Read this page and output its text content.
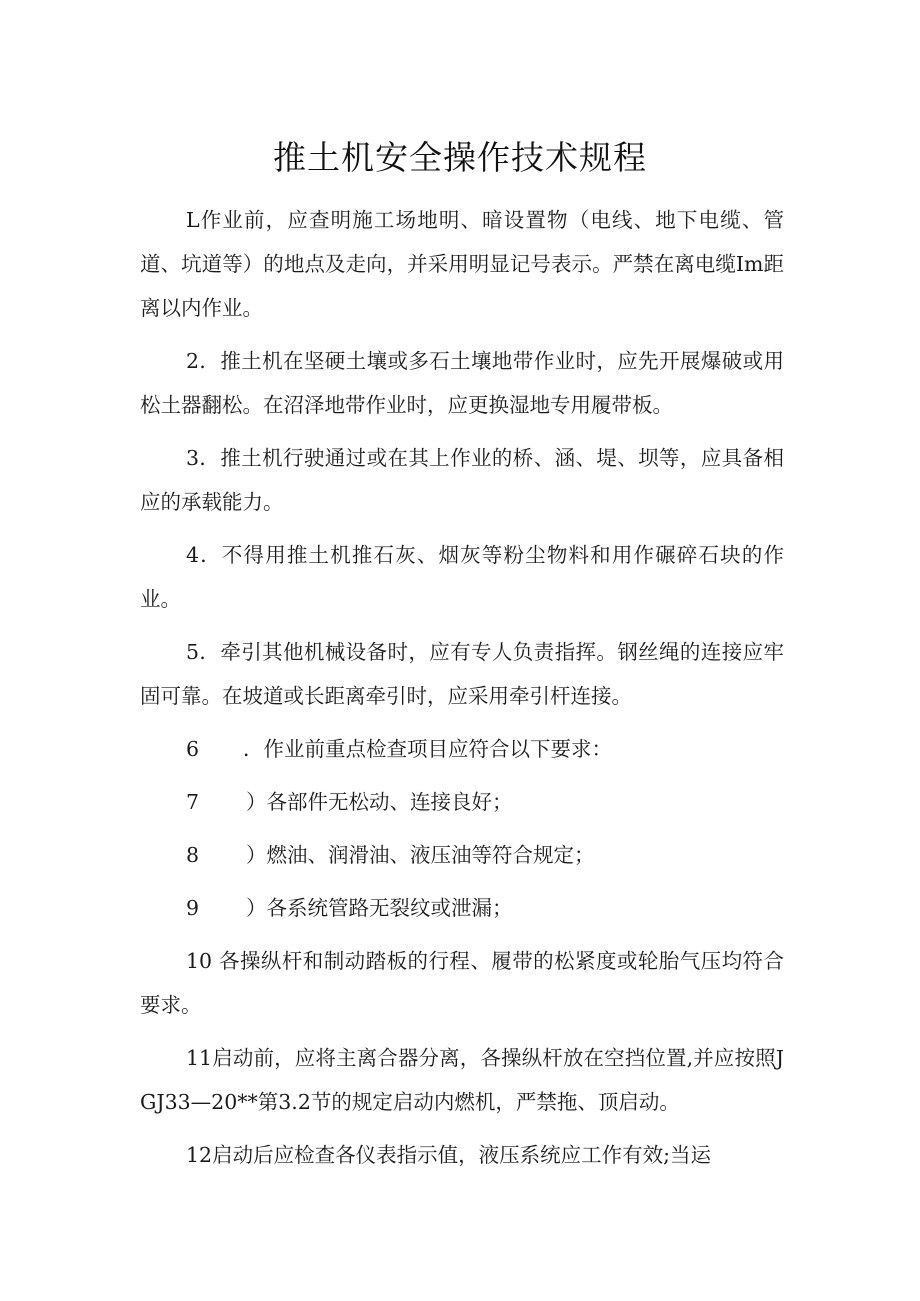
推土机安全操作技术规程

L作业前，应查明施工场地明、暗设置物（电线、地下电缆、管道、坑道等）的地点及走向，并采用明显记号表示。严禁在离电缆Im距离以内作业。

2．推土机在坚硬土壤或多石土壤地带作业时，应先开展爆破或用松土器翻松。在沼泽地带作业时，应更换湿地专用履带板。

3．推土机行驶通过或在其上作业的桥、涵、堤、坝等，应具备相应的承载能力。

4．不得用推土机推石灰、烟灰等粉尘物料和用作碾碎石块的作业。

5．牵引其他机械设备时，应有专人负责指挥。钢丝绳的连接应牢固可靠。在坡道或长距离牵引时，应采用牵引杆连接。

6	．作业前重点检查项目应符合以下要求：
7	）各部件无松动、连接良好；
8	）燃油、润滑油、液压油等符合规定；
9	）各系统管路无裂纹或泄漏；

10 各操纵杆和制动踏板的行程、履带的松紧度或轮胎气压均符合要求。

11启动前，应将主离合器分离，各操纵杆放在空挡位置,并应按照JGJ33—20**第3.2节的规定启动内燃机，严禁拖、顶启动。

12启动后应检查各仪表指示值，液压系统应工作有效;当运
